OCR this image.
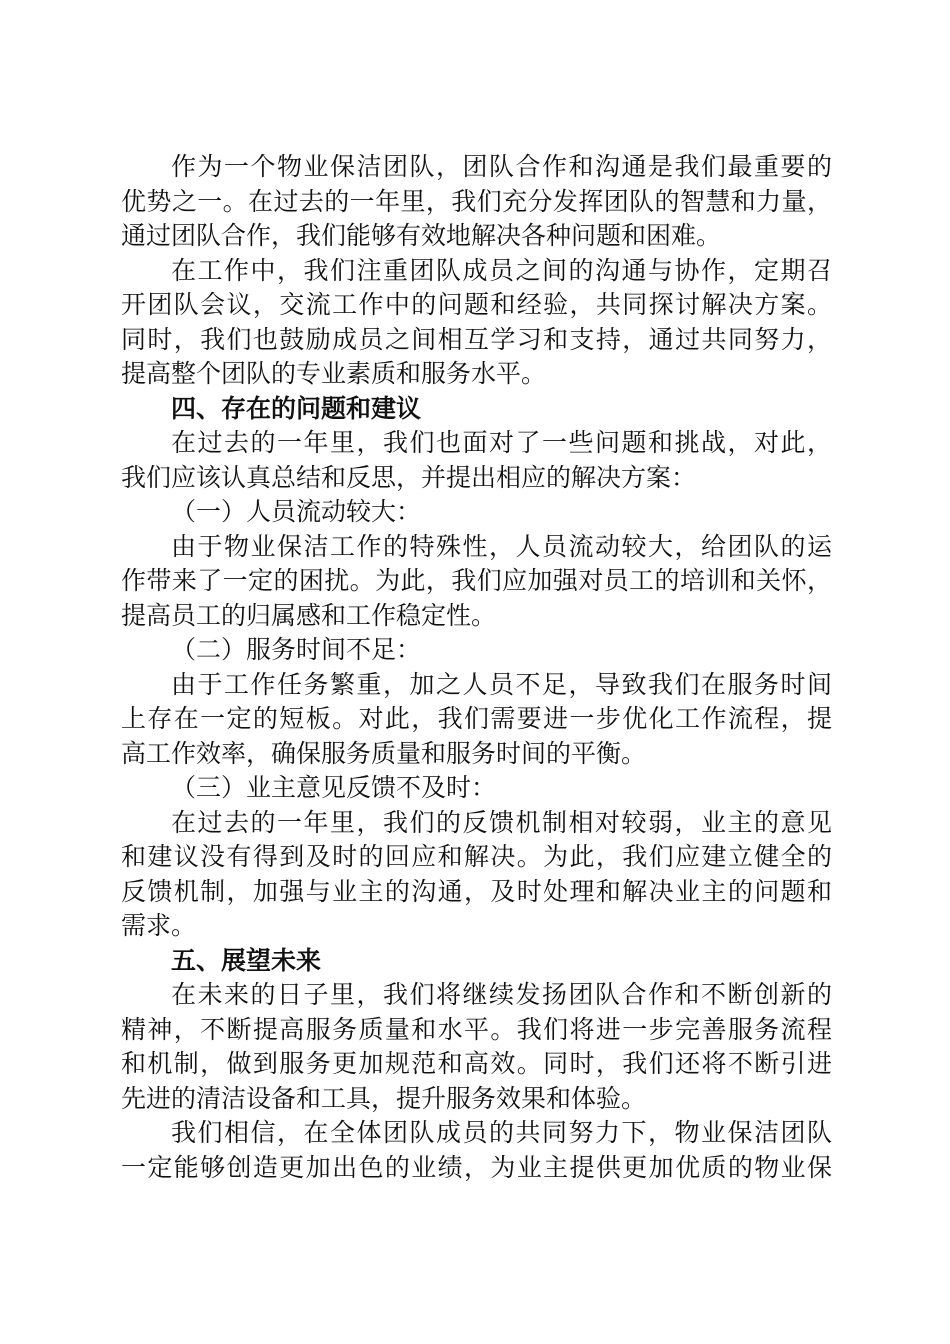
作为一个物业保洁团队，团队合作和沟通是我们最重要的
优势之一。在过去的一年里，我们充分发挥团队的智慧和力量，
通过团队合作，我们能够有效地解决各种问题和困难。
在工作中，我们注重团队成员之间的沟通与协作，定期召
开团队会议，交流工作中的问题和经验，共同探讨解决方案。
同时，我们也鼓励成员之间相互学习和支持，通过共同努力，
提高整个团队的专业素质和服务水平。
四、存在的问题和建议
在过去的一年里，我们也面对了一些问题和挑战，对此，
我们应该认真总结和反思，并提出相应的解决方案：
（一）人员流动较大：
由于物业保洁工作的特殊性，人员流动较大，给团队的运
作带来了一定的困扰。为此，我们应加强对员工的培训和关怀，
提高员工的归属感和工作稳定性。
（二）服务时间不足：
由于工作任务繁重，加之人员不足，导致我们在服务时间
上存在一定的短板。对此，我们需要进一步优化工作流程，提
高工作效率，确保服务质量和服务时间的平衡。
（三）业主意见反馈不及时：
在过去的一年里，我们的反馈机制相对较弱，业主的意见
和建议没有得到及时的回应和解决。为此，我们应建立健全的
反馈机制，加强与业主的沟通，及时处理和解决业主的问题和
需求。
五、展望未来
在未来的日子里，我们将继续发扬团队合作和不断创新的
精神，不断提高服务质量和水平。我们将进一步完善服务流程
和机制，做到服务更加规范和高效。同时，我们还将不断引进
先进的清洁设备和工具，提升服务效果和体验。
我们相信，在全体团队成员的共同努力下，物业保洁团队
一定能够创造更加出色的业绩，为业主提供更加优质的物业保
